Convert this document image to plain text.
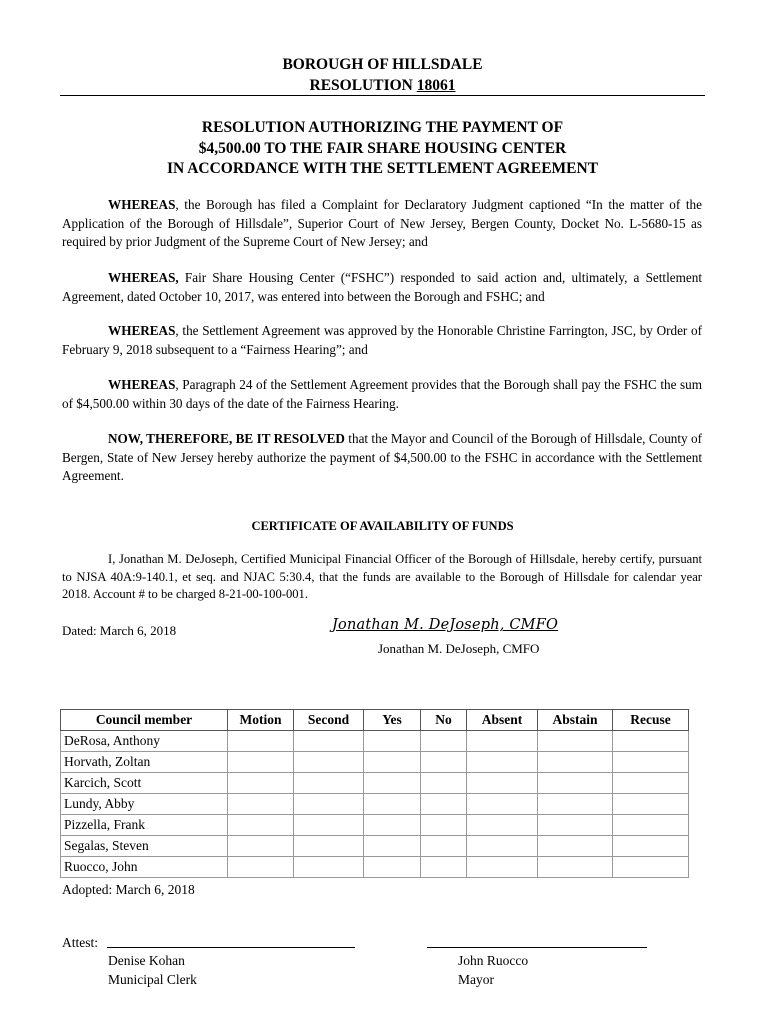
BOROUGH OF HILLSDALE
RESOLUTION 18061
RESOLUTION AUTHORIZING THE PAYMENT OF
$4,500.00 TO THE FAIR SHARE HOUSING CENTER
IN ACCORDANCE WITH THE SETTLEMENT AGREEMENT
WHEREAS, the Borough has filed a Complaint for Declaratory Judgment captioned “In the matter of the Application of the Borough of Hillsdale”, Superior Court of New Jersey, Bergen County, Docket No. L-5680-15 as required by prior Judgment of the Supreme Court of New Jersey; and
WHEREAS, Fair Share Housing Center (“FSHC”) responded to said action and, ultimately, a Settlement Agreement, dated October 10, 2017, was entered into between the Borough and FSHC; and
WHEREAS, the Settlement Agreement was approved by the Honorable Christine Farrington, JSC, by Order of February 9, 2018 subsequent to a “Fairness Hearing”; and
WHEREAS, Paragraph 24 of the Settlement Agreement provides that the Borough shall pay the FSHC the sum of $4,500.00 within 30 days of the date of the Fairness Hearing.
NOW, THEREFORE, BE IT RESOLVED that the Mayor and Council of the Borough of Hillsdale, County of Bergen, State of New Jersey hereby authorize the payment of $4,500.00 to the FSHC in accordance with the Settlement Agreement.
CERTIFICATE OF AVAILABILITY OF FUNDS
I, Jonathan M. DeJoseph, Certified Municipal Financial Officer of the Borough of Hillsdale, hereby certify, pursuant to NJSA 40A:9-140.1, et seq. and NJAC 5:30.4, that the funds are available to the Borough of Hillsdale for calendar year 2018. Account # to be charged 8-21-00-100-001.
Dated: March 6, 2018	Jonathan M. DeJoseph, CMFO
Jonathan M. DeJoseph, CMFO
Council member	Motion	Second	Yes	No	Absent	Abstain	Recuse
DeRosa, Anthony							
Horvath, Zoltan							
Karcich, Scott							
Lundy, Abby							
Pizzella, Frank							
Segalas, Steven							
Ruocco, John							
Adopted: March 6, 2018
Attest:
Denise Kohan
Municipal Clerk
John Ruocco
Mayor
